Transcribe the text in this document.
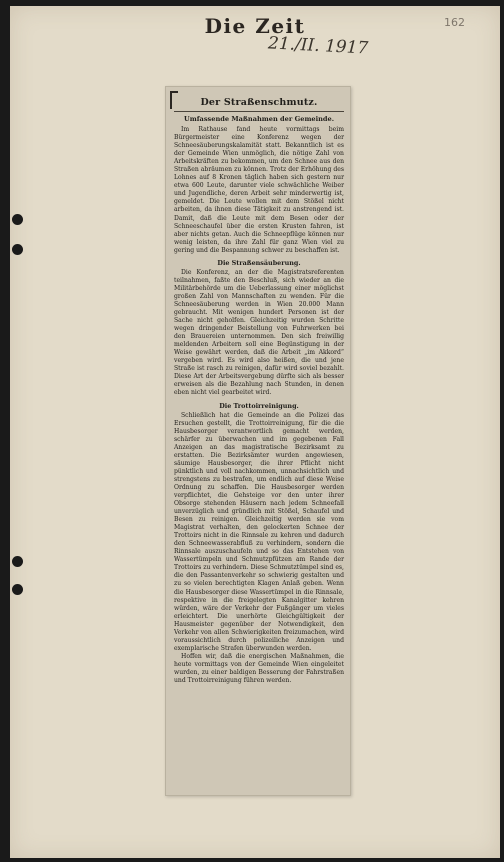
Die Zeit	162
21./II. 1917
Der Straßenschmutz.
Umfassende Maßnahmen der Gemeinde.

Im Rathause fand heute vormittags beim Bürgermeister eine Konferenz wegen der Schneesäuberungskalamität statt. Bekanntlich ist es der Gemeinde Wien unmöglich, die nötige Zahl von Arbeitskräften zu bekommen, um den Schnee aus den Straßen abräumen zu können. Trotz der Erhöhung des Lohnes auf 8 Kronen täglich haben sich gestern nur etwa 600 Leute, darunter viele schwächliche Weiber und Jugendliche, deren Arbeit sehr minderwertig ist, gemeldet. Die Leute wollen mit dem Stößel nicht arbeiten, da ihnen diese Tätigkeit zu anstrengend ist. Damit, daß die Leute mit dem Besen oder der Schneeschaufel über die ersten Krusten fahren, ist aber nichts getan. Auch die Schneepflüge können nur wenig leisten, da ihre Zahl für ganz Wien viel zu gering und die Bespannung schwer zu beschaffen ist.

Die Straßensäuberung.

Die Konferenz, an der die Magistratsreferenten teilnahmen, faßte den Beschluß, sich wieder an die Militärbehörde um die Ueberlassung einer möglichst großen Zahl von Mannschaften zu wenden. Für die Schneesäuberung werden in Wien 20.000 Mann gebraucht. Mit wenigen hundert Personen ist der Sache nicht geholfen. Gleichzeitig wurden Schritte wegen dringender Beistellung von Fuhrwerken bei den Brauereien unternommen. Den sich freiwillig meldenden Arbeitern soll eine Begünstigung in der Weise gewährt werden, daß die Arbeit „im Akkord“ vergeben wird. Es wird also heißen, die und jene Straße ist rasch zu reinigen, dafür wird soviel bezahlt. Diese Art der Arbeitsvergebung dürfte sich als besser erweisen als die Bezahlung nach Stunden, in denen eben nicht viel gearbeitet wird.

Die Trottoirreinigung.

Schließlich hat die Gemeinde an die Polizei das Ersuchen gestellt, die Trottoirreinigung, für die die Hausbesorger verantwortlich gemacht werden, schärfer zu überwachen und im gegebenen Fall Anzeigen an das magistratische Bezirksamt zu erstatten. Die Bezirksämter wurden angewiesen, säumige Hausbesorger, die ihrer Pflicht nicht pünktlich und voll nachkommen, unnachsichtlich und strengstens zu bestrafen, um endlich auf diese Weise Ordnung zu schaffen. Die Hausbesorger werden verpflichtet, die Gehsteige vor den unter ihrer Obsorge stehenden Häusern nach jedem Schneefall unverzüglich und gründlich mit Stößel, Schaufel und Besen zu reinigen. Gleichzeitig werden sie vom Magistrat verhalten, den gelockerten Schnee der Trottoirs nicht in die Rinnsale zu kehren und dadurch den Schneewasserabfluß zu verhindern, sondern die Rinnsale auszuschaufeln und so das Entstehen von Wassertümpeln und Schmutzpfützen am Rande der Trottoirs zu verhindern. Diese Schmutztümpel sind es, die den Passantenverkehr so schwierig gestalten und zu so vielen berechtigten Klagen Anlaß geben. Wenn die Hausbesorger diese Wassertümpel in die Rinnsale, respektive in die freigelegten Kanalgitter kehren würden, wäre der Verkehr der Fußgänger um vieles erleichtert. Die unerhörte Gleichgültigkeit der Hausmeister gegenüber der Notwendigkeit, den Verkehr von allen Schwierigkeiten freizumachen, wird voraussichtlich durch polizeiliche Anzeigen und exemplarische Strafen überwunden werden.

Hoffen wir, daß die energischen Maßnahmen, die heute vormittags von der Gemeinde Wien eingeleitet wurden, zu einer baldigen Besserung der Fahrstraßen und Trottoirreinigung führen werden.
